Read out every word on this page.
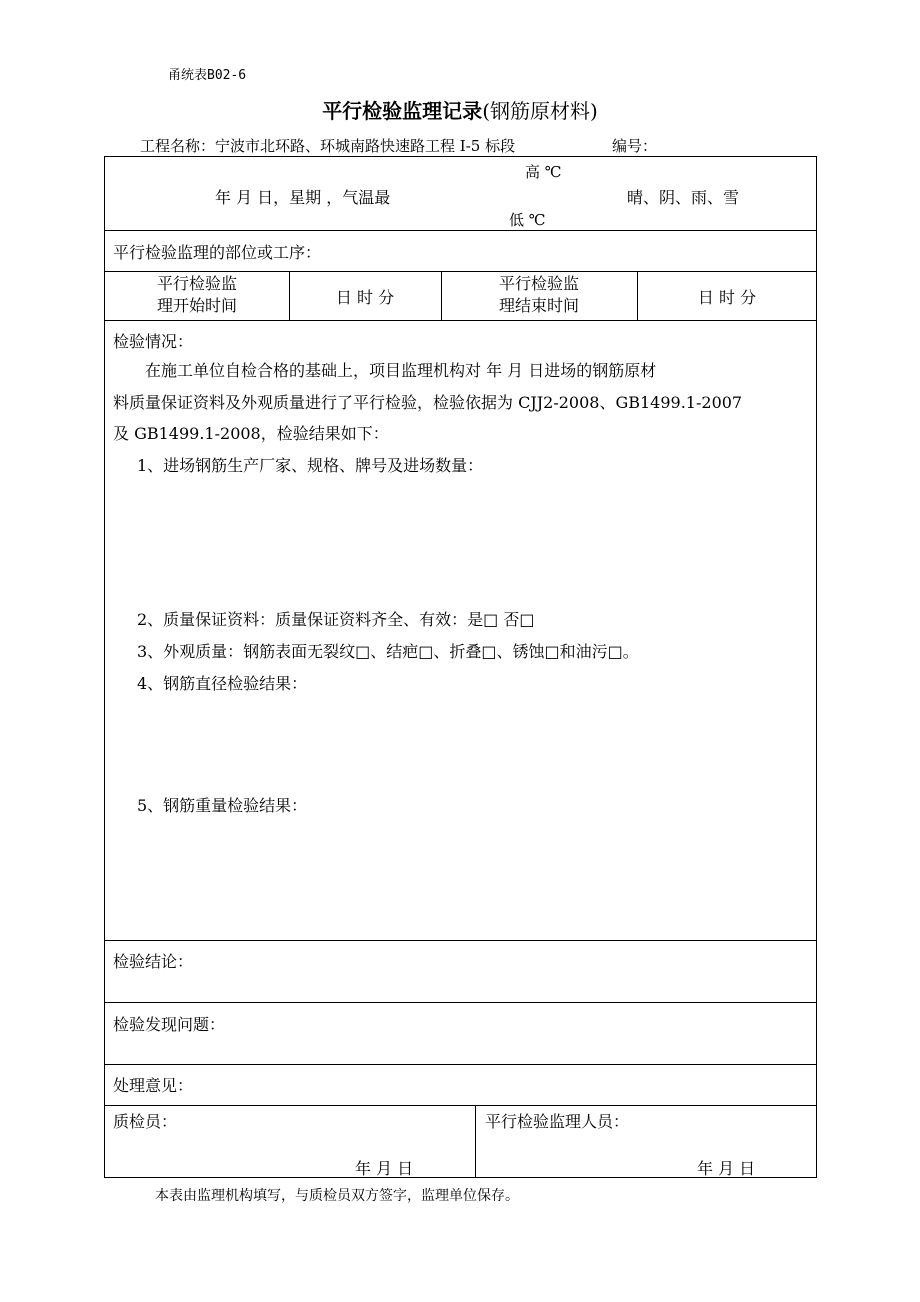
甬统表B02-6
平行检验监理记录(钢筋原材料)
工程名称：宁波市北环路、环城南路快速路工程 I-5 标段	编号：
高 ℃
年 月 日，星期 ，气温最	晴、阴、雨、雪
低 ℃
平行检验监理的部位或工序：
平行检验监
理开始时间	日 时 分
平行检验监
理结束时间	日 时 分
检验情况：
在施工单位自检合格的基础上，项目监理机构对 年 月 日进场的钢筋原材
料质量保证资料及外观质量进行了平行检验，检验依据为 CJJ2-2008、GB1499.1-2007
及 GB1499.1-2008，检验结果如下：
1、进场钢筋生产厂家、规格、牌号及进场数量：
2、质量保证资料：质量保证资料齐全、有效：是□ 否□
3、外观质量：钢筋表面无裂纹□、结疤□、折叠□、锈蚀□和油污□。
4、钢筋直径检验结果：
5、钢筋重量检验结果：
检验结论：
检验发现问题：
处理意见：
质检员：
年 月 日
平行检验监理人员：
年 月 日
本表由监理机构填写，与质检员双方签字，监理单位保存。
